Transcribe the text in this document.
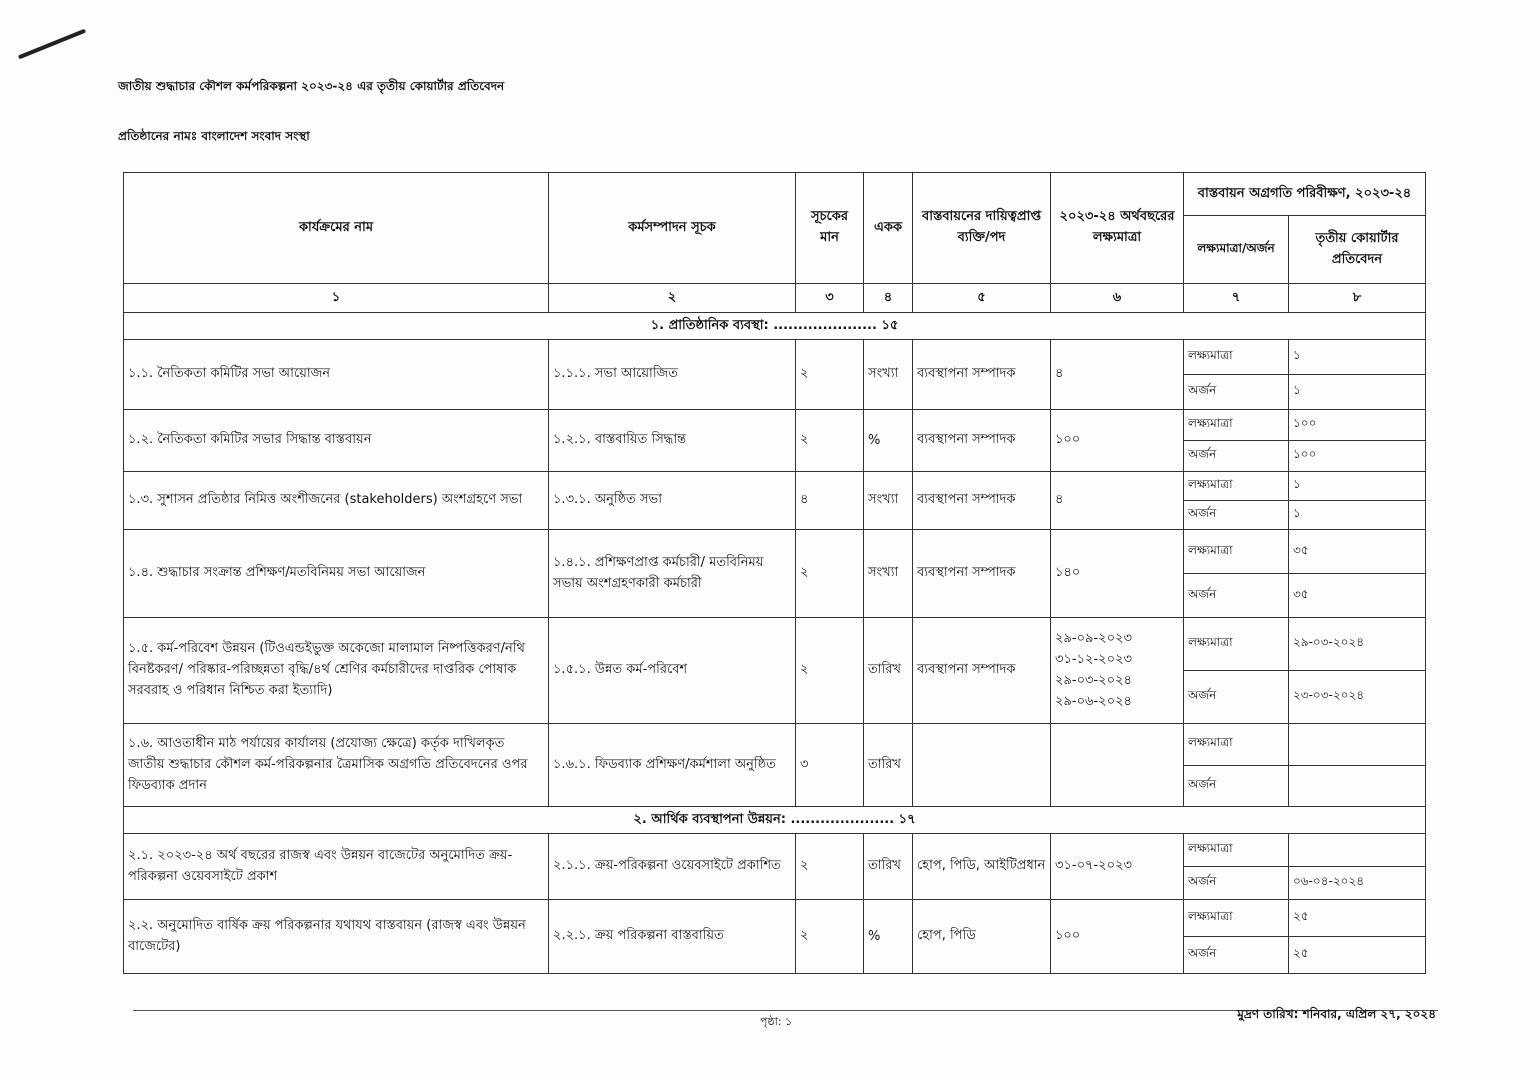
জাতীয় শুদ্ধাচার কৌশল কর্মপরিকল্পনা ২০২৩-২৪ এর তৃতীয় কোয়ার্টার প্রতিবেদন
প্রতিষ্ঠানের নামঃ বাংলাদেশ সংবাদ সংস্থা
কার্যক্রমের নাম	কর্মসম্পাদন সূচক	সূচকের মান	একক	বাস্তবায়নের দায়িত্বপ্রাপ্ত ব্যক্তি/পদ	২০২৩-২৪ অর্থবছরের লক্ষ্যমাত্রা	বাস্তবায়ন অগ্রগতি পরিবীক্ষণ, ২০২৩-২৪	
						লক্ষ্যমাত্রা/অর্জন	তৃতীয় কোয়ার্টার প্রতিবেদন
১	২	৩	৪	৫	৬	৭	৮
১. প্রাতিষ্ঠানিক ব্যবস্থা: ..................... ১৫							
১.১. নৈতিকতা কমিটির সভা আয়োজন	১.১.১. সভা আয়োজিত	২	সংখ্যা	ব্যবস্থাপনা সম্পাদক	৪	লক্ষ্যমাত্রা	১
						অর্জন	১
১.২. নৈতিকতা কমিটির সভার সিদ্ধান্ত বাস্তবায়ন	১.২.১. বাস্তবায়িত সিদ্ধান্ত	২	%	ব্যবস্থাপনা সম্পাদক	১০০	লক্ষ্যমাত্রা	১০০
						অর্জন	১০০
১.৩. সুশাসন প্রতিষ্ঠার নিমিত্ত অংশীজনের (stakeholders) অংশগ্রহণে সভা	১.৩.১. অনুষ্ঠিত সভা	৪	সংখ্যা	ব্যবস্থাপনা সম্পাদক	৪	লক্ষ্যমাত্রা	১
						অর্জন	১
১.৪. শুদ্ধাচার সংক্রান্ত প্রশিক্ষণ/মতবিনিময় সভা আয়োজন	১.৪.১. প্রশিক্ষণপ্রাপ্ত কর্মচারী/ মতবিনিময় সভায় অংশগ্রহণকারী কর্মচারী	২	সংখ্যা	ব্যবস্থাপনা সম্পাদক	১৪০	লক্ষ্যমাত্রা	৩৫
						অর্জন	৩৫
১.৫. কর্ম-পরিবেশ উন্নয়ন (টিওএন্ডইভুক্ত অকেজো মালামাল নিষ্পত্তিকরণ/নথি বিনষ্টকরণ/ পরিষ্কার-পরিচ্ছন্নতা বৃদ্ধি/৪র্থ শ্রেণির কর্মচারীদের দাপ্তরিক পোষাক সরবরাহ ও পরিধান নিশ্চিত করা ইত্যাদি)	১.৫.১. উন্নত কর্ম-পরিবেশ	২	তারিখ	ব্যবস্থাপনা সম্পাদক	২৯-০৯-২০২৩ ৩১-১২-২০২৩ ২৯-০৩-২০২৪ ২৯-০৬-২০২৪	লক্ষ্যমাত্রা	২৯-০৩-২০২৪
						অর্জন	২৩-০৩-২০২৪
১.৬. আওতাধীন মাঠ পর্যায়ের কার্যালয় (প্রযোজ্য ক্ষেত্রে) কর্তৃক দাখিলকৃত জাতীয় শুদ্ধাচার কৌশল কর্ম-পরিকল্পনার ত্রৈমাসিক অগ্রগতি প্রতিবেদনের ওপর ফিডব্যাক প্রদান	১.৬.১. ফিডব্যাক প্রশিক্ষণ/কর্মশালা অনুষ্ঠিত	৩	তারিখ			লক্ষ্যমাত্রা	
						অর্জন	
২. আর্থিক ব্যবস্থাপনা উন্নয়ন: ..................... ১৭							
২.১. ২০২৩-২৪ অর্থ বছরের রাজস্ব এবং উন্নয়ন বাজেটের অনুমোদিত ক্রয়-পরিকল্পনা ওয়েবসাইটে প্রকাশ	২.১.১. ক্রয়-পরিকল্পনা ওয়েবসাইটে প্রকাশিত	২	তারিখ	হোপ, পিডি, আইটিপ্রধান	৩১-০৭-২০২৩	লক্ষ্যমাত্রা	
						অর্জন	০৬-০৪-২০২৪
২.২. অনুমোদিত বার্ষিক ক্রয় পরিকল্পনার যথাযথ বাস্তবায়ন (রাজস্ব এবং উন্নয়ন বাজেটের)	২.২.১. ক্রয় পরিকল্পনা বাস্তবায়িত	২	%	হোপ, পিডি	১০০	লক্ষ্যমাত্রা	২৫
						অর্জন	২৫
পৃষ্ঠা: ১
মুদ্রণ তারিখ: শনিবার, এপ্রিল ২৭, ২০২৪
